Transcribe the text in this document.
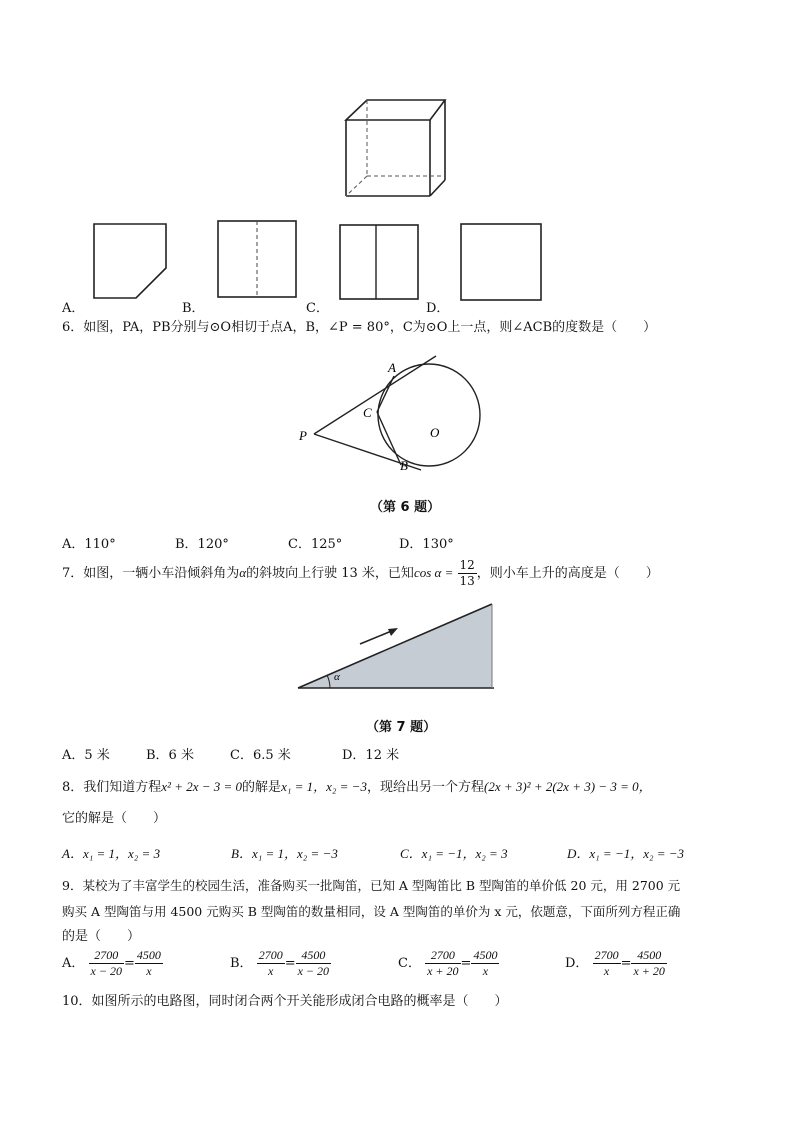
A．	B．	C．	D．
6．如图，PA，PB分别与⊙O相切于点A，B，∠P = 80°，C为⊙O上一点，则∠ACB的度数是（　　）
A
C
P	O
B
（第 6 题）
A．110°	B．120°	C．125°	D．130°
7．如图，一辆小车沿倾斜角为α的斜坡向上行驶 13 米，已知$\cos \alpha = \frac{12}{13}$ ，则小车上升的高度是（　　）
α
（第 7 题）
A．5 米	B．6 米	C．6.5 米	D．12 米
8．我们知道方程x² + 2x − 3 = 0的解是x₁ = 1，x₂ = −3，现给出另一个方程(2x + 3)² + 2(2x + 3) − 3 = 0，
它的解是（　　）
A．x₁ = 1，x₂ = 3	B．x₁ = 1，x₂ = −3	C．x₁ = −1，x₂ = 3	D．x₁ = −1，x₂ = −3
9．某校为了丰富学生的校园生活，准备购买一批陶笛，已知 A 型陶笛比 B 型陶笛的单价低 20 元，用 2700 元
购买 A 型陶笛与用 4500 元购买 B 型陶笛的数量相同，设 A 型陶笛的单价为 x 元，依题意，下面所列方程正确
的是（　　）
A． $\frac{2700}{x - 20} = \frac{4500}{x}$	B． $\frac{2700}{x} = \frac{4500}{x - 20}$	C． $\frac{2700}{x + 20} = \frac{4500}{x}$	D． $\frac{2700}{x} = \frac{4500}{x + 20}$
10．如图所示的电路图，同时闭合两个开关能形成闭合电路的概率是（　　）
